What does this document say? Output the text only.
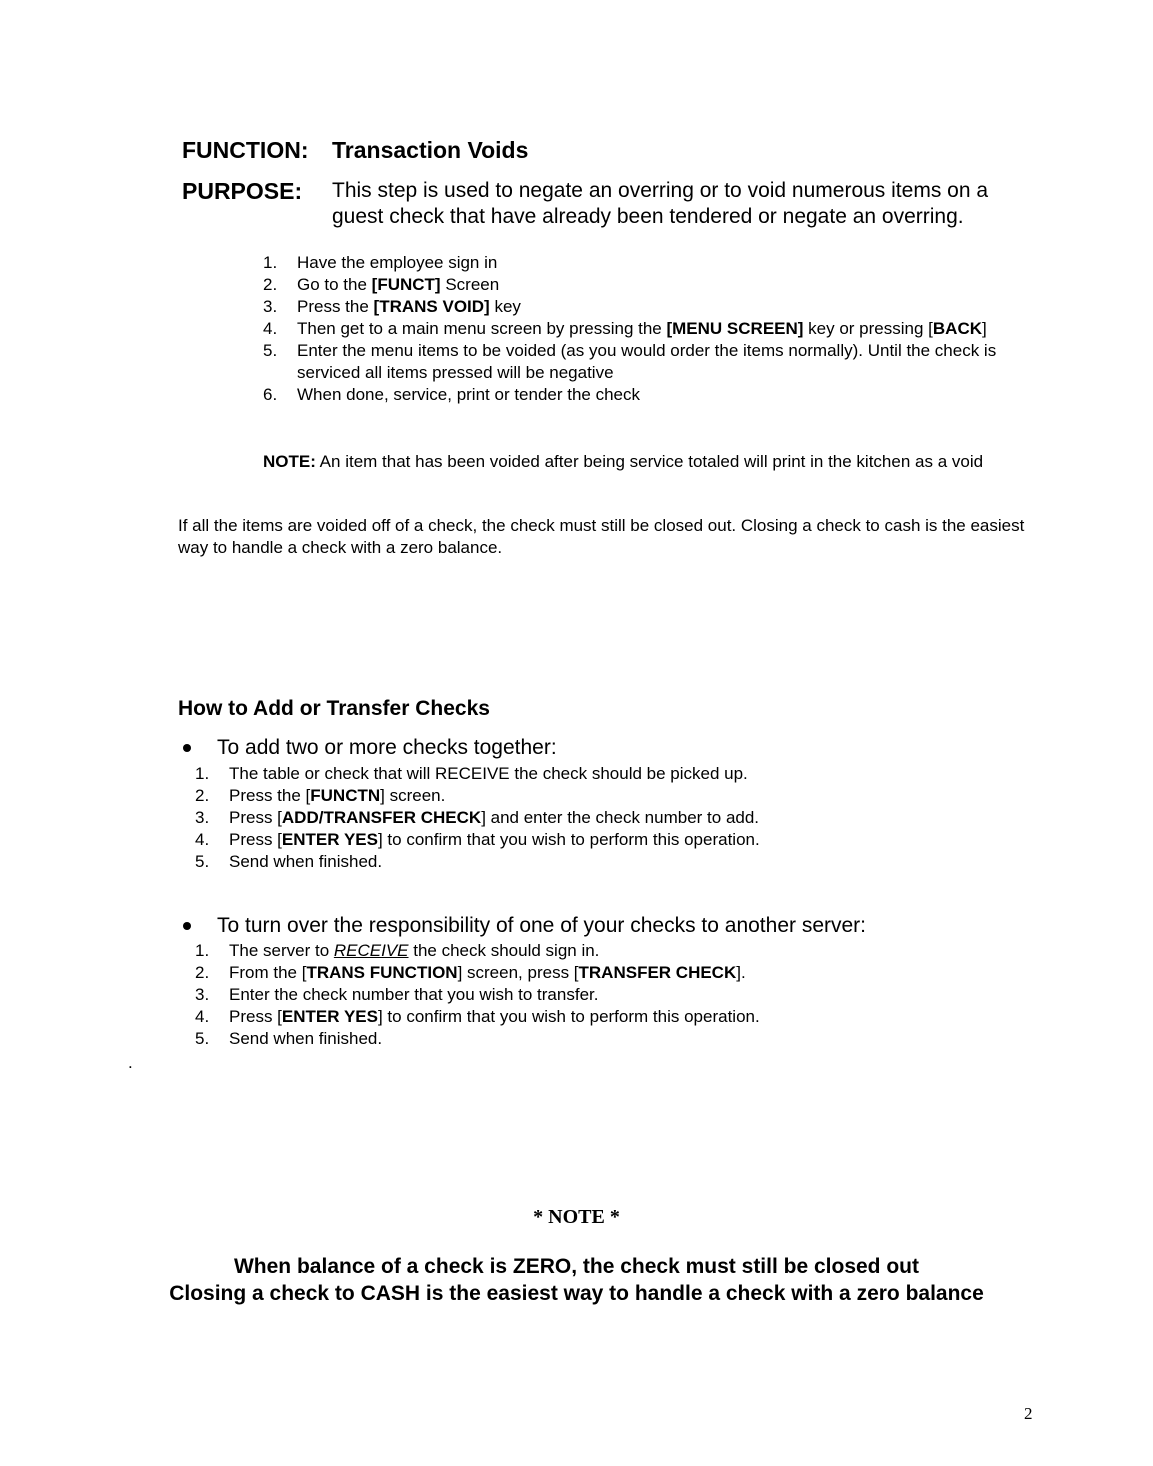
FUNCTION: Transaction Voids
PURPOSE: This step is used to negate an overring or to void numerous items on a guest check that have already been tendered or negate an overring.
1.	Have the employee sign in
2.	Go to the [FUNCT] Screen
3.	Press the [TRANS VOID] key
4.	Then get to a main menu screen by pressing the [MENU SCREEN] key or pressing [BACK]
5.	Enter the menu items to be voided (as you would order the items normally). Until the check is serviced all items pressed will be negative
6.	When done, service, print or tender the check
NOTE: An item that has been voided after being service totaled will print in the kitchen as a void
If all the items are voided off of a check, the check must still be closed out. Closing a check to cash is the easiest way to handle a check with a zero balance.
How to Add or Transfer Checks
To add two or more checks together:
1.	The table or check that will RECEIVE the check should be picked up.
2.	Press the [FUNCTN] screen.
3.	Press [ADD/TRANSFER CHECK] and enter the check number to add.
4.	Press [ENTER YES] to confirm that you wish to perform this operation.
5.	Send when finished.
To turn over the responsibility of one of your checks to another server:
1.	The server to RECEIVE the check should sign in.
2.	From the [TRANS FUNCTION] screen, press [TRANSFER CHECK].
3.	Enter the check number that you wish to transfer.
4.	Press [ENTER YES] to confirm that you wish to perform this operation.
5.	Send when finished.
.
* NOTE *
When balance of a check is ZERO, the check must still be closed out
Closing a check to CASH is the easiest way to handle a check with a zero balance
2
